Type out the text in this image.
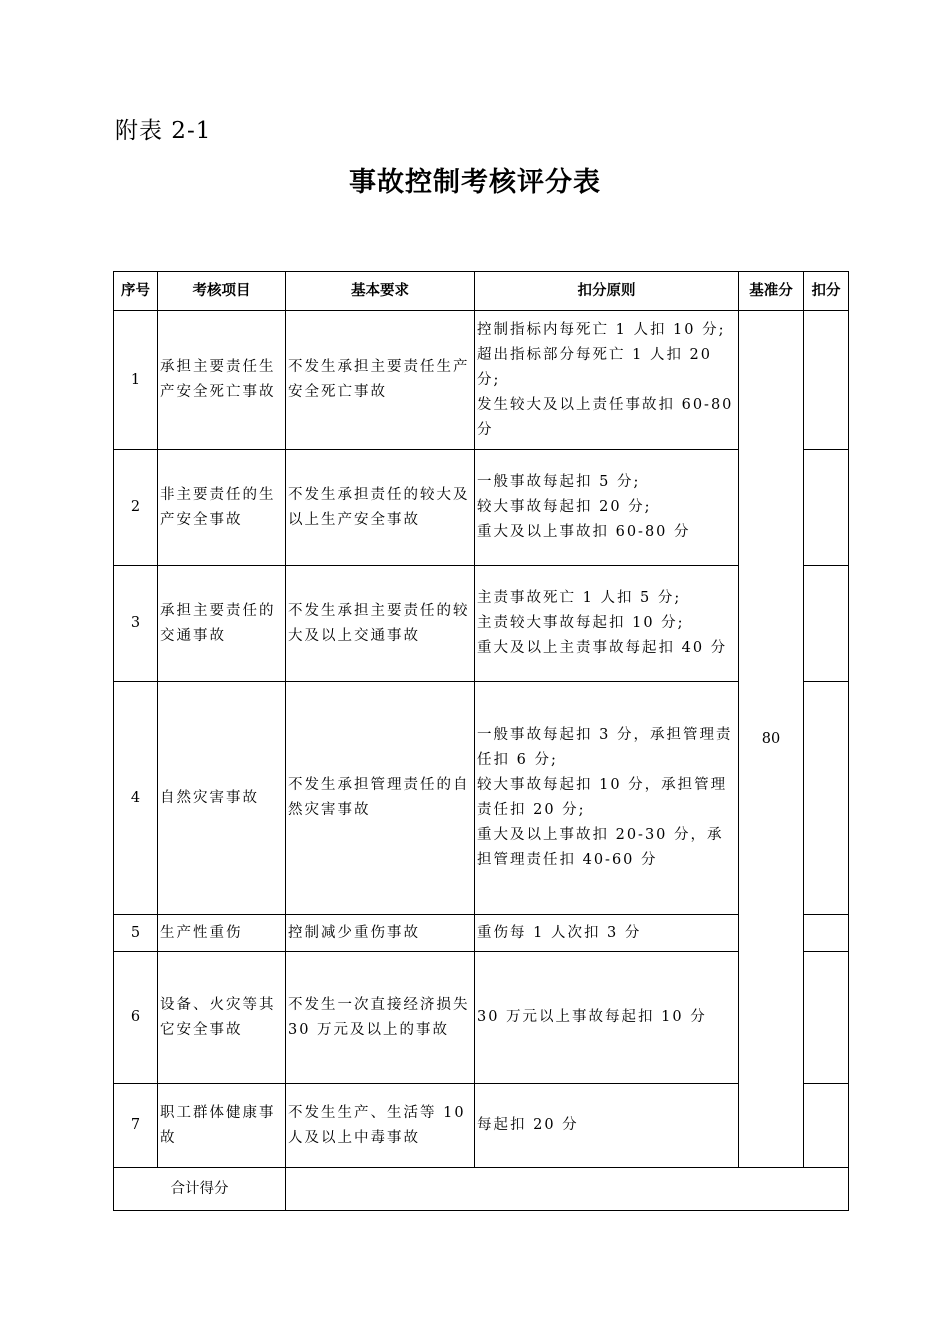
附表 2-1
事故控制考核评分表
序号	考核项目	基本要求	扣分原则	基准分	扣分
1	承担主要责任生产安全死亡事故	不发生承担主要责任生产安全死亡事故	控制指标内每死亡 1 人扣 10 分;
超出指标部分每死亡 1 人扣 20 分;
发生较大及以上责任事故扣 60-80 分	80	
2	非主要责任的生产安全事故	不发生承担责任的较大及以上生产安全事故	一般事故每起扣 5 分;
较大事故每起扣 20 分;
重大及以上事故扣 60-80 分		

3	承担主要责任的交通事故	不发生承担主要责任的较大及以上交通事故	主责事故死亡 1 人扣 5 分;
主责较大事故每起扣 10 分;
重大及以上主责事故每起扣 40 分		

4	自然灾害事故	不发生承担管理责任的自然灾害事故	一般事故每起扣 3 分，承担管理责任扣 6 分;
较大事故每起扣 10 分，承担管理责任扣 20 分;
重大及以上事故扣 20-30 分，承担管理责任扣 40-60 分		

5	生产性重伤	控制减少重伤事故	重伤每 1 人次扣 3 分		

6	设备、火灾等其它安全事故	不发生一次直接经济损失 30 万元及以上的事故	30 万元以上事故每起扣 10 分		

7	职工群体健康事故	不发生生产、生活等 10 人及以上中毒事故	每起扣 20 分		

合计得分					
